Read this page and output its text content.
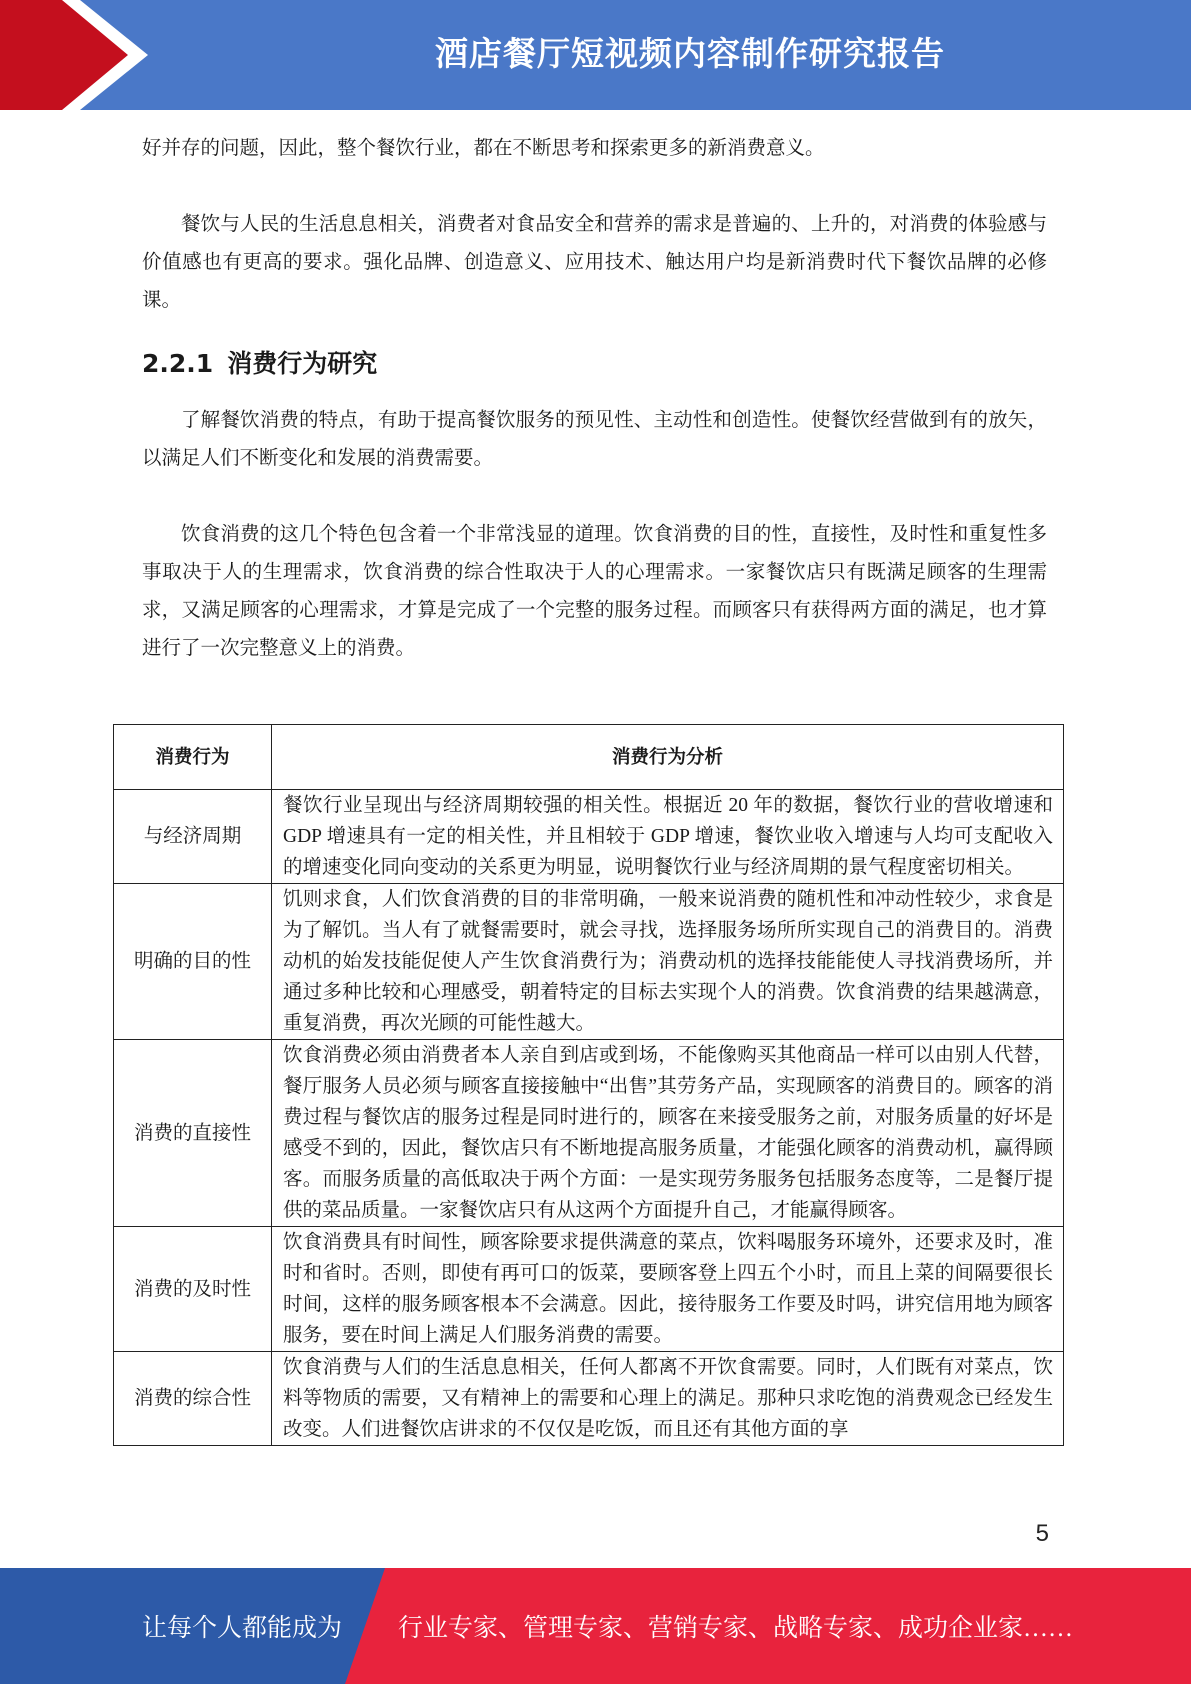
酒店餐厅短视频内容制作研究报告

好并存的问题，因此，整个餐饮行业，都在不断思考和探索更多的新消费意义。

餐饮与人民的生活息息相关，消费者对食品安全和营养的需求是普遍的、上升的，对消费的体验感与价值感也有更高的要求。强化品牌、创造意义、应用技术、触达用户均是新消费时代下餐饮品牌的必修课。

2.2.1 消费行为研究

了解餐饮消费的特点，有助于提高餐饮服务的预见性、主动性和创造性。使餐饮经营做到有的放矢，以满足人们不断变化和发展的消费需要。

饮食消费的这几个特色包含着一个非常浅显的道理。饮食消费的目的性，直接性，及时性和重复性多事取决于人的生理需求，饮食消费的综合性取决于人的心理需求。一家餐饮店只有既满足顾客的生理需求，又满足顾客的心理需求，才算是完成了一个完整的服务过程。而顾客只有获得两方面的满足，也才算进行了一次完整意义上的消费。

消费行为	消费行为分析
与经济周期	餐饮行业呈现出与经济周期较强的相关性。根据近 20 年的数据，餐饮行业的营收增速和 GDP 增速具有一定的相关性，并且相较于 GDP 增速，餐饮业收入增速与人均可支配收入的增速变化同向变动的关系更为明显，说明餐饮行业与经济周期的景气程度密切相关。
明确的目的性	饥则求食，人们饮食消费的目的非常明确，一般来说消费的随机性和冲动性较少，求食是为了解饥。当人有了就餐需要时，就会寻找，选择服务场所所实现自己的消费目的。消费动机的始发技能促使人产生饮食消费行为；消费动机的选择技能能使人寻找消费场所，并通过多种比较和心理感受，朝着特定的目标去实现个人的消费。饮食消费的结果越满意，重复消费，再次光顾的可能性越大。
消费的直接性	饮食消费必须由消费者本人亲自到店或到场，不能像购买其他商品一样可以由别人代替，餐厅服务人员必须与顾客直接接触中“出售”其劳务产品，实现顾客的消费目的。顾客的消费过程与餐饮店的服务过程是同时进行的，顾客在来接受服务之前，对服务质量的好坏是感受不到的，因此，餐饮店只有不断地提高服务质量，才能强化顾客的消费动机，赢得顾客。而服务质量的高低取决于两个方面：一是实现劳务服务包括服务态度等，二是餐厅提供的菜品质量。一家餐饮店只有从这两个方面提升自己，才能赢得顾客。
消费的及时性	饮食消费具有时间性，顾客除要求提供满意的菜点，饮料喝服务环境外，还要求及时，准时和省时。否则，即使有再可口的饭菜，要顾客登上四五个小时，而且上菜的间隔要很长时间，这样的服务顾客根本不会满意。因此，接待服务工作要及时吗，讲究信用地为顾客服务，要在时间上满足人们服务消费的需要。
消费的综合性	饮食消费与人们的生活息息相关，任何人都离不开饮食需要。同时，人们既有对菜点，饮料等物质的需要，又有精神上的需要和心理上的满足。那种只求吃饱的消费观念已经发生改变。人们进餐饮店讲求的不仅仅是吃饭，而且还有其他方面的享
5
让每个人都能成为 行业专家、管理专家、营销专家、战略专家、成功企业家……
